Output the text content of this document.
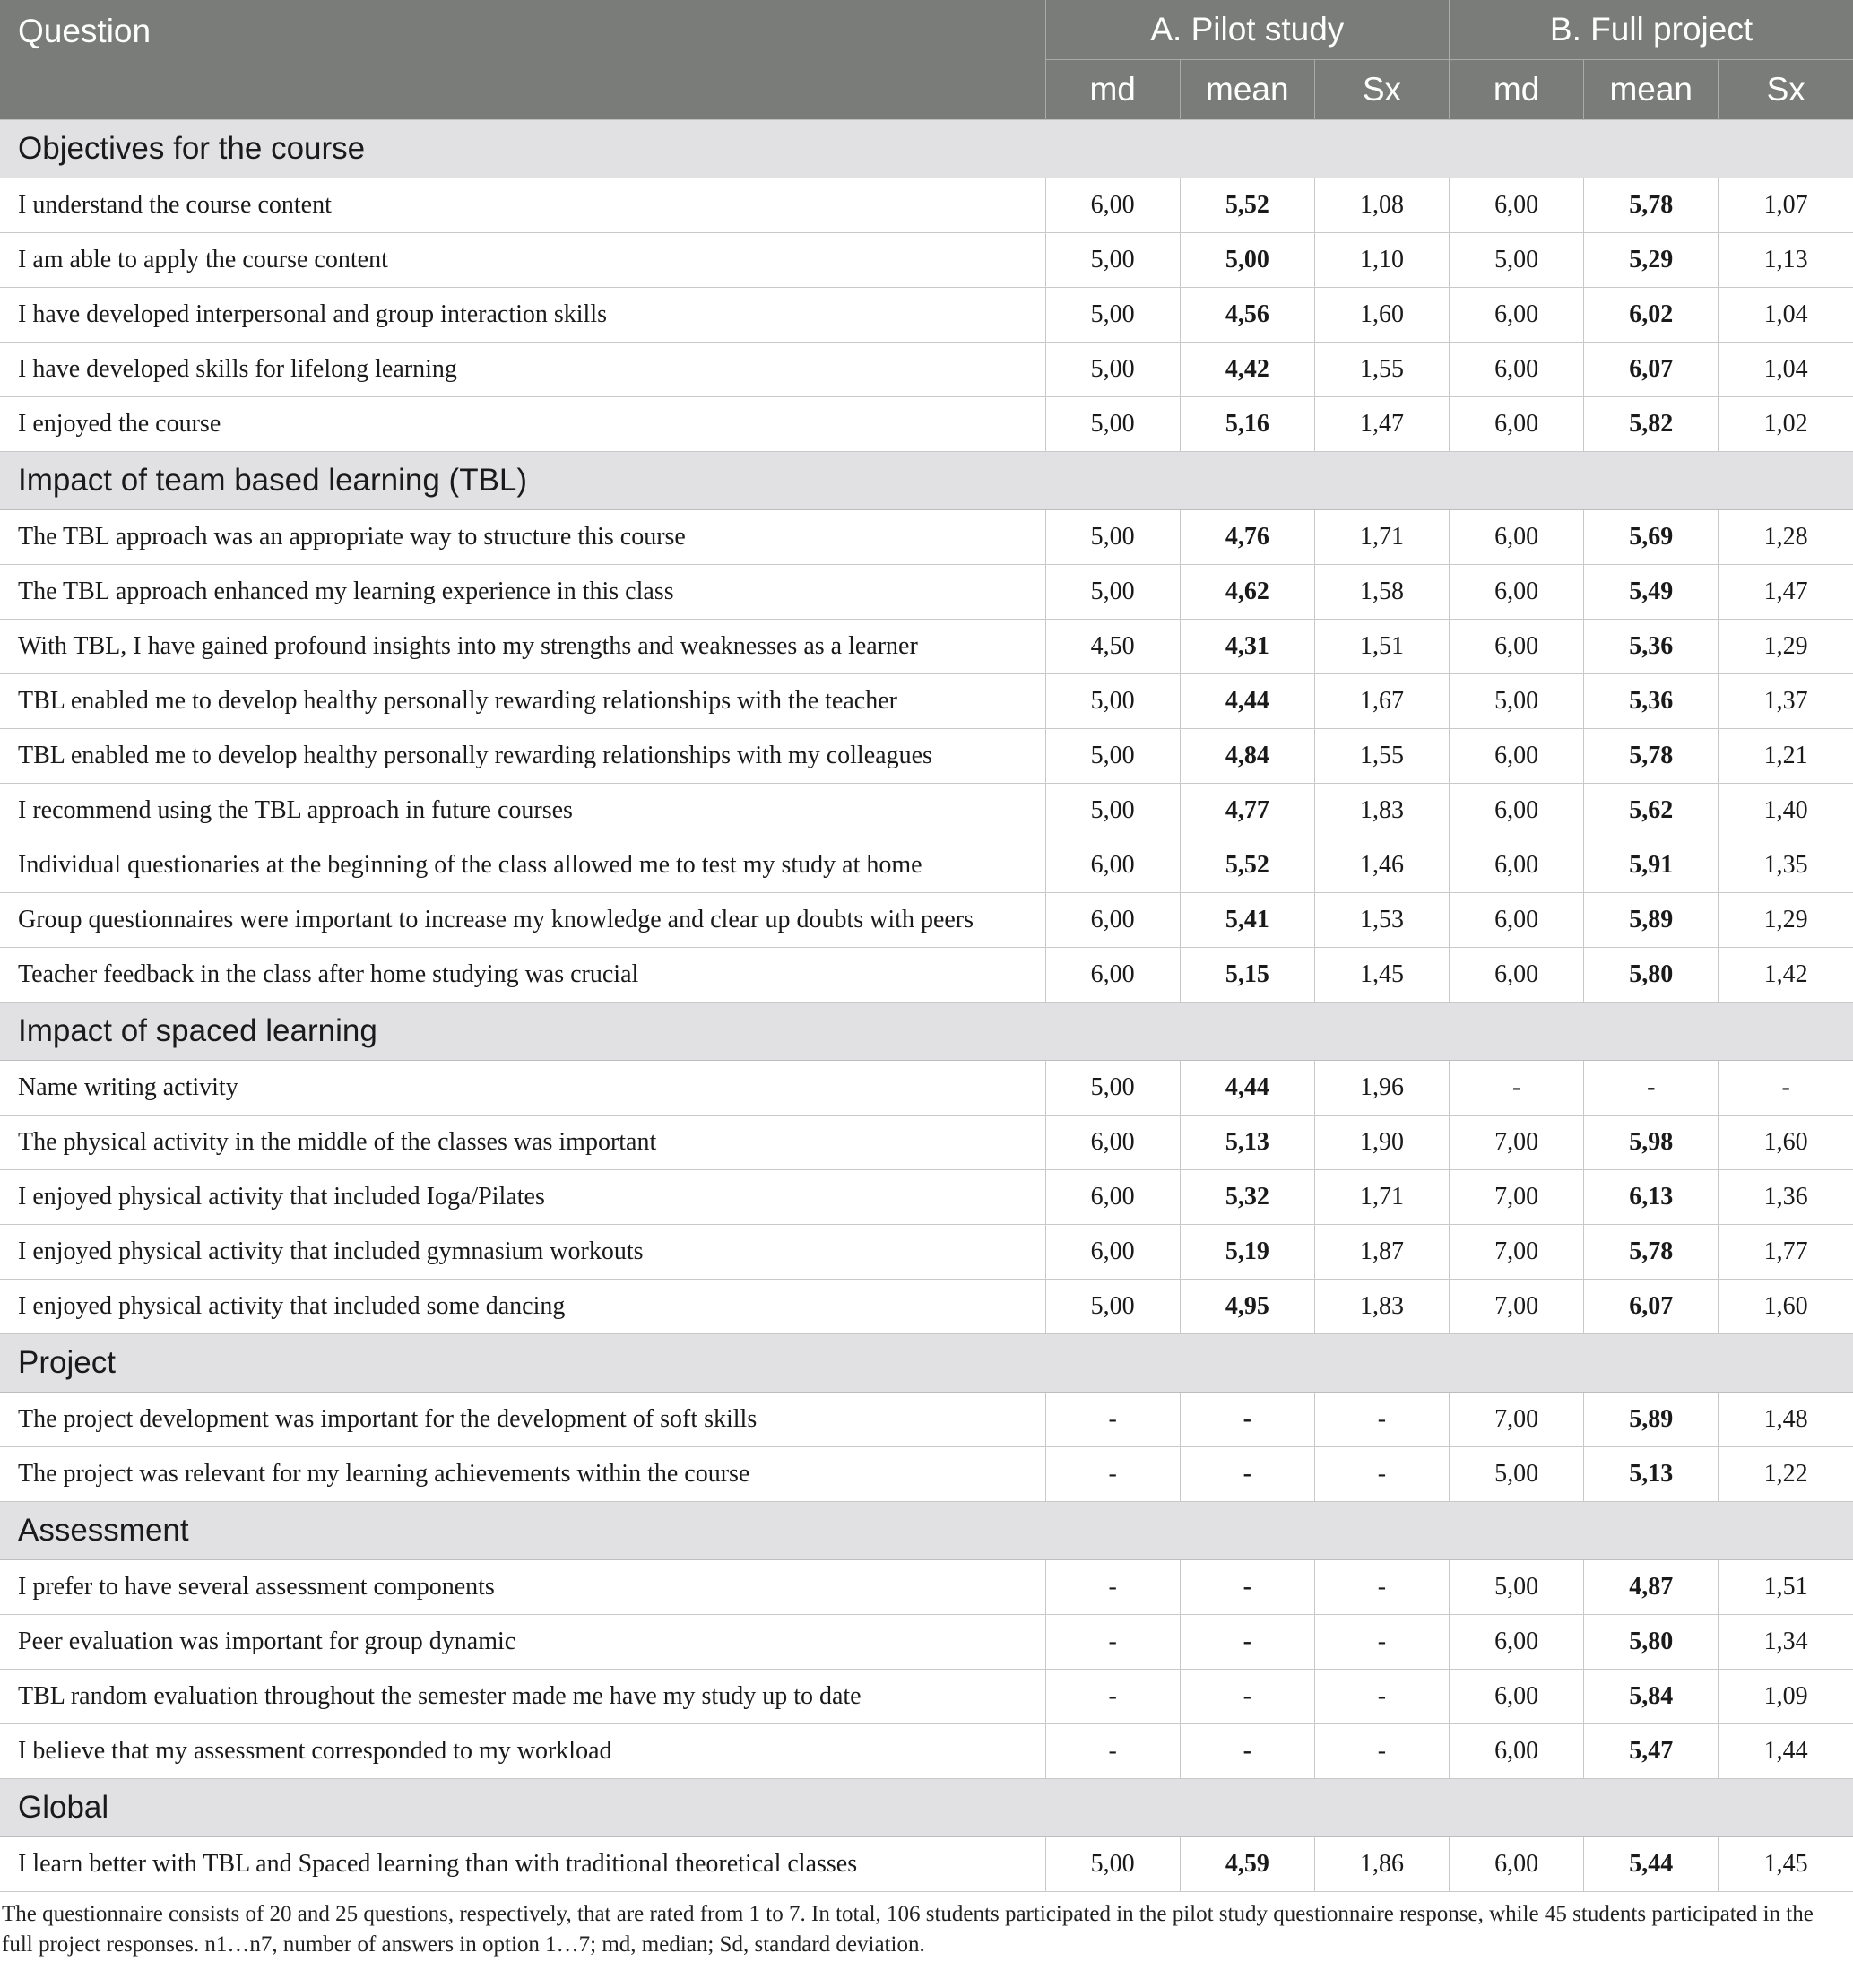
Question	A. Pilot study			B. Full project		
	md	mean	Sx	md	mean	Sx
Objectives for the course						
I understand the course content	6,00	5,52	1,08	6,00	5,78	1,07
I am able to apply the course content	5,00	5,00	1,10	5,00	5,29	1,13
I have developed interpersonal and group interaction skills	5,00	4,56	1,60	6,00	6,02	1,04
I have developed skills for lifelong learning	5,00	4,42	1,55	6,00	6,07	1,04
I enjoyed the course	5,00	5,16	1,47	6,00	5,82	1,02
Impact of team based learning (TBL)						
The TBL approach was an appropriate way to structure this course	5,00	4,76	1,71	6,00	5,69	1,28
The TBL approach enhanced my learning experience in this class	5,00	4,62	1,58	6,00	5,49	1,47
With TBL, I have gained profound insights into my strengths and weaknesses as a learner	4,50	4,31	1,51	6,00	5,36	1,29
TBL enabled me to develop healthy personally rewarding relationships with the teacher	5,00	4,44	1,67	5,00	5,36	1,37
TBL enabled me to develop healthy personally rewarding relationships with my colleagues	5,00	4,84	1,55	6,00	5,78	1,21
I recommend using the TBL approach in future courses	5,00	4,77	1,83	6,00	5,62	1,40
Individual questionaries at the beginning of the class allowed me to test my study at home	6,00	5,52	1,46	6,00	5,91	1,35
Group questionnaires were important to increase my knowledge and clear up doubts with peers	6,00	5,41	1,53	6,00	5,89	1,29
Teacher feedback in the class after home studying was crucial	6,00	5,15	1,45	6,00	5,80	1,42
Impact of spaced learning						
Name writing activity	5,00	4,44	1,96	-	-	-
The physical activity in the middle of the classes was important	6,00	5,13	1,90	7,00	5,98	1,60
I enjoyed physical activity that included Ioga/Pilates	6,00	5,32	1,71	7,00	6,13	1,36
I enjoyed physical activity that included gymnasium workouts	6,00	5,19	1,87	7,00	5,78	1,77
I enjoyed physical activity that included some dancing	5,00	4,95	1,83	7,00	6,07	1,60
Project						
The project development was important for the development of soft skills	-	-	-	7,00	5,89	1,48
The project was relevant for my learning achievements within the course	-	-	-	5,00	5,13	1,22
Assessment						
I prefer to have several assessment components	-	-	-	5,00	4,87	1,51
Peer evaluation was important for group dynamic	-	-	-	6,00	5,80	1,34
TBL random evaluation throughout the semester made me have my study up to date	-	-	-	6,00	5,84	1,09
I believe that my assessment corresponded to my workload	-	-	-	6,00	5,47	1,44
Global						
I learn better with TBL and Spaced learning than with traditional theoretical classes	5,00	4,59	1,86	6,00	5,44	1,45
The questionnaire consists of 20 and 25 questions, respectively, that are rated from 1 to 7. In total, 106 students participated in the pilot study questionnaire response, while 45 students participated in the full project responses. n1…n7, number of answers in option 1…7; md, median; Sd, standard deviation.
